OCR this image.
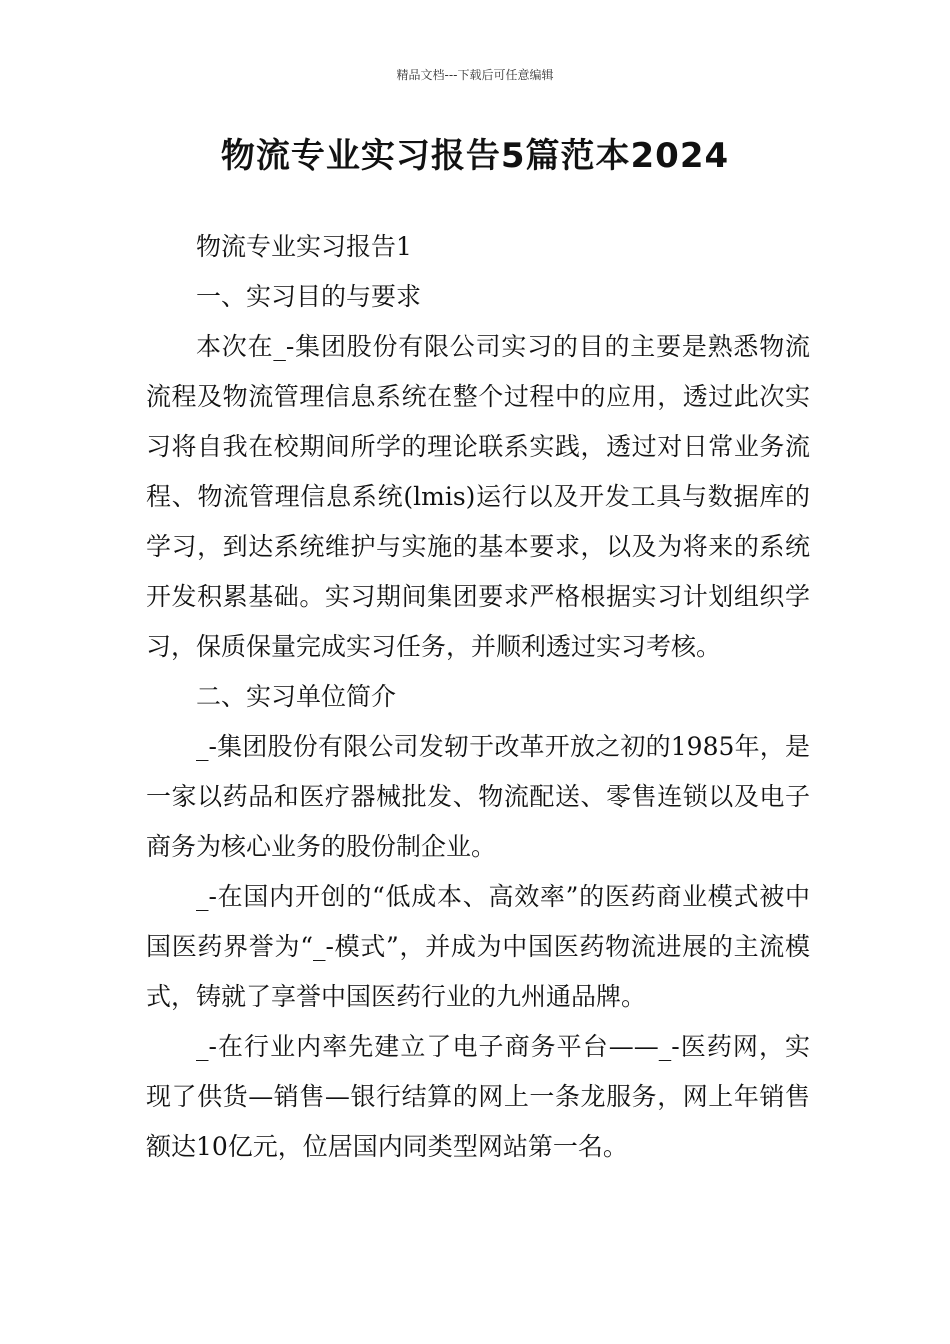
精品文档---下载后可任意编辑
物流专业实习报告5篇范本2024

物流专业实习报告1

一、实习目的与要求

本次在_-集团股份有限公司实习的目的主要是熟悉物流流程及物流管理信息系统在整个过程中的应用，透过此次实习将自我在校期间所学的理论联系实践，透过对日常业务流程、物流管理信息系统(lmis)运行以及开发工具与数据库的学习，到达系统维护与实施的基本要求，以及为将来的系统开发积累基础。实习期间集团要求严格根据实习计划组织学习，保质保量完成实习任务，并顺利透过实习考核。

二、实习单位简介

_-集团股份有限公司发轫于改革开放之初的1985年，是一家以药品和医疗器械批发、物流配送、零售连锁以及电子商务为核心业务的股份制企业。

_-在国内开创的“低成本、高效率”的医药商业模式被中国医药界誉为“_-模式”，并成为中国医药物流进展的主流模式，铸就了享誉中国医药行业的九州通品牌。

_-在行业内率先建立了电子商务平台——_-医药网，实现了供货—销售—银行结算的网上一条龙服务，网上年销售额达10亿元，位居国内同类型网站第一名。
